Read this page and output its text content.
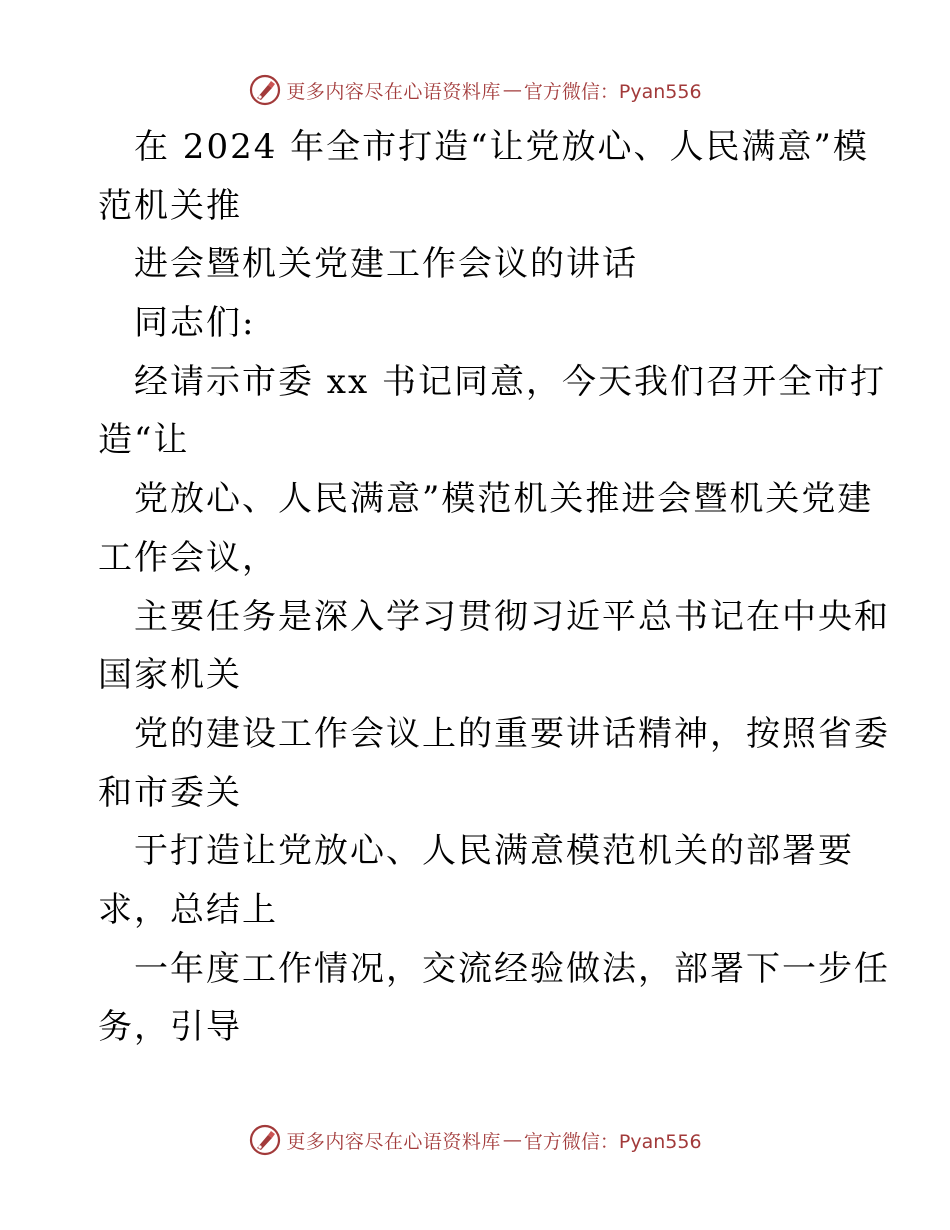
更多内容尽在心语资料库 — 官方微信：Pyan556
在 2024 年全市打造“让党放心、人民满意”模
范机关推
进会暨机关党建工作会议的讲话
同志们:
经请示市委 xx 书记同意，今天我们召开全市打
造“让
党放心、人民满意”模范机关推进会暨机关党建
工作会议，
主要任务是深入学习贯彻习近平总书记在中央和
国家机关
党的建设工作会议上的重要讲话精神，按照省委
和市委关
于打造让党放心、人民满意模范机关的部署要
求，总结上
一年度工作情况，交流经验做法，部署下一步任
务，引导
更多内容尽在心语资料库 — 官方微信：Pyan556
